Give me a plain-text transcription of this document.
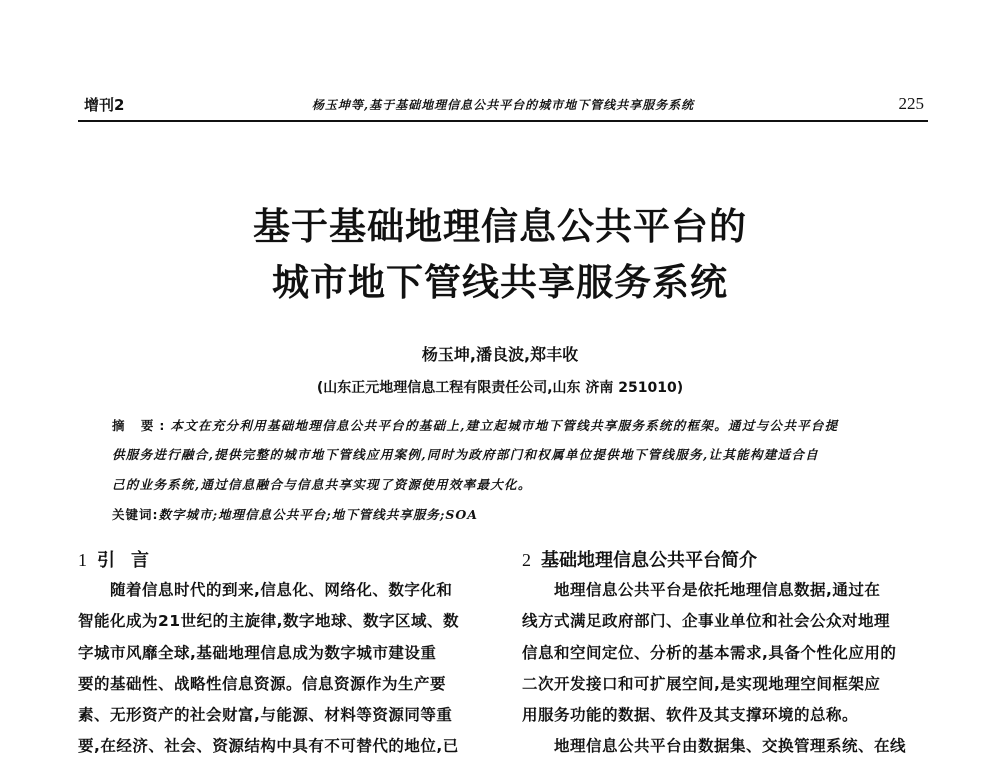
增刊2	杨玉坤等,基于基础地理信息公共平台的城市地下管线共享服务系统	225
基于基础地理信息公共平台的
城市地下管线共享服务系统
杨玉坤,潘良波,郑丰收
(山东正元地理信息工程有限责任公司,山东 济南 251010)
摘 要:本文在充分利用基础地理信息公共平台的基础上,建立起城市地下管线共享服务系统的框架。通过与公共平台提
供服务进行融合,提供完整的城市地下管线应用案例,同时为政府部门和权属单位提供地下管线服务,让其能构建适合自
己的业务系统,通过信息融合与信息共享实现了资源使用效率最大化。
关键词:数字城市;地理信息公共平台;地下管线共享服务;SOA
1 引言	2 基础地理信息公共平台简介
随着信息时代的到来,信息化、网络化、数字化和
智能化成为21世纪的主旋律,数字地球、数字区域、数
字城市风靡全球,基础地理信息成为数字城市建设重
要的基础性、战略性信息资源。信息资源作为生产要
素、无形资产的社会财富,与能源、材料等资源同等重
要,在经济、社会、资源结构中具有不可替代的地位,已
地理信息公共平台是依托地理信息数据,通过在
线方式满足政府部门、企事业单位和社会公众对地理
信息和空间定位、分析的基本需求,具备个性化应用的
二次开发接口和可扩展空间,是实现地理空间框架应
用服务功能的数据、软件及其支撑环境的总称。
地理信息公共平台由数据集、交换管理系统、在线
